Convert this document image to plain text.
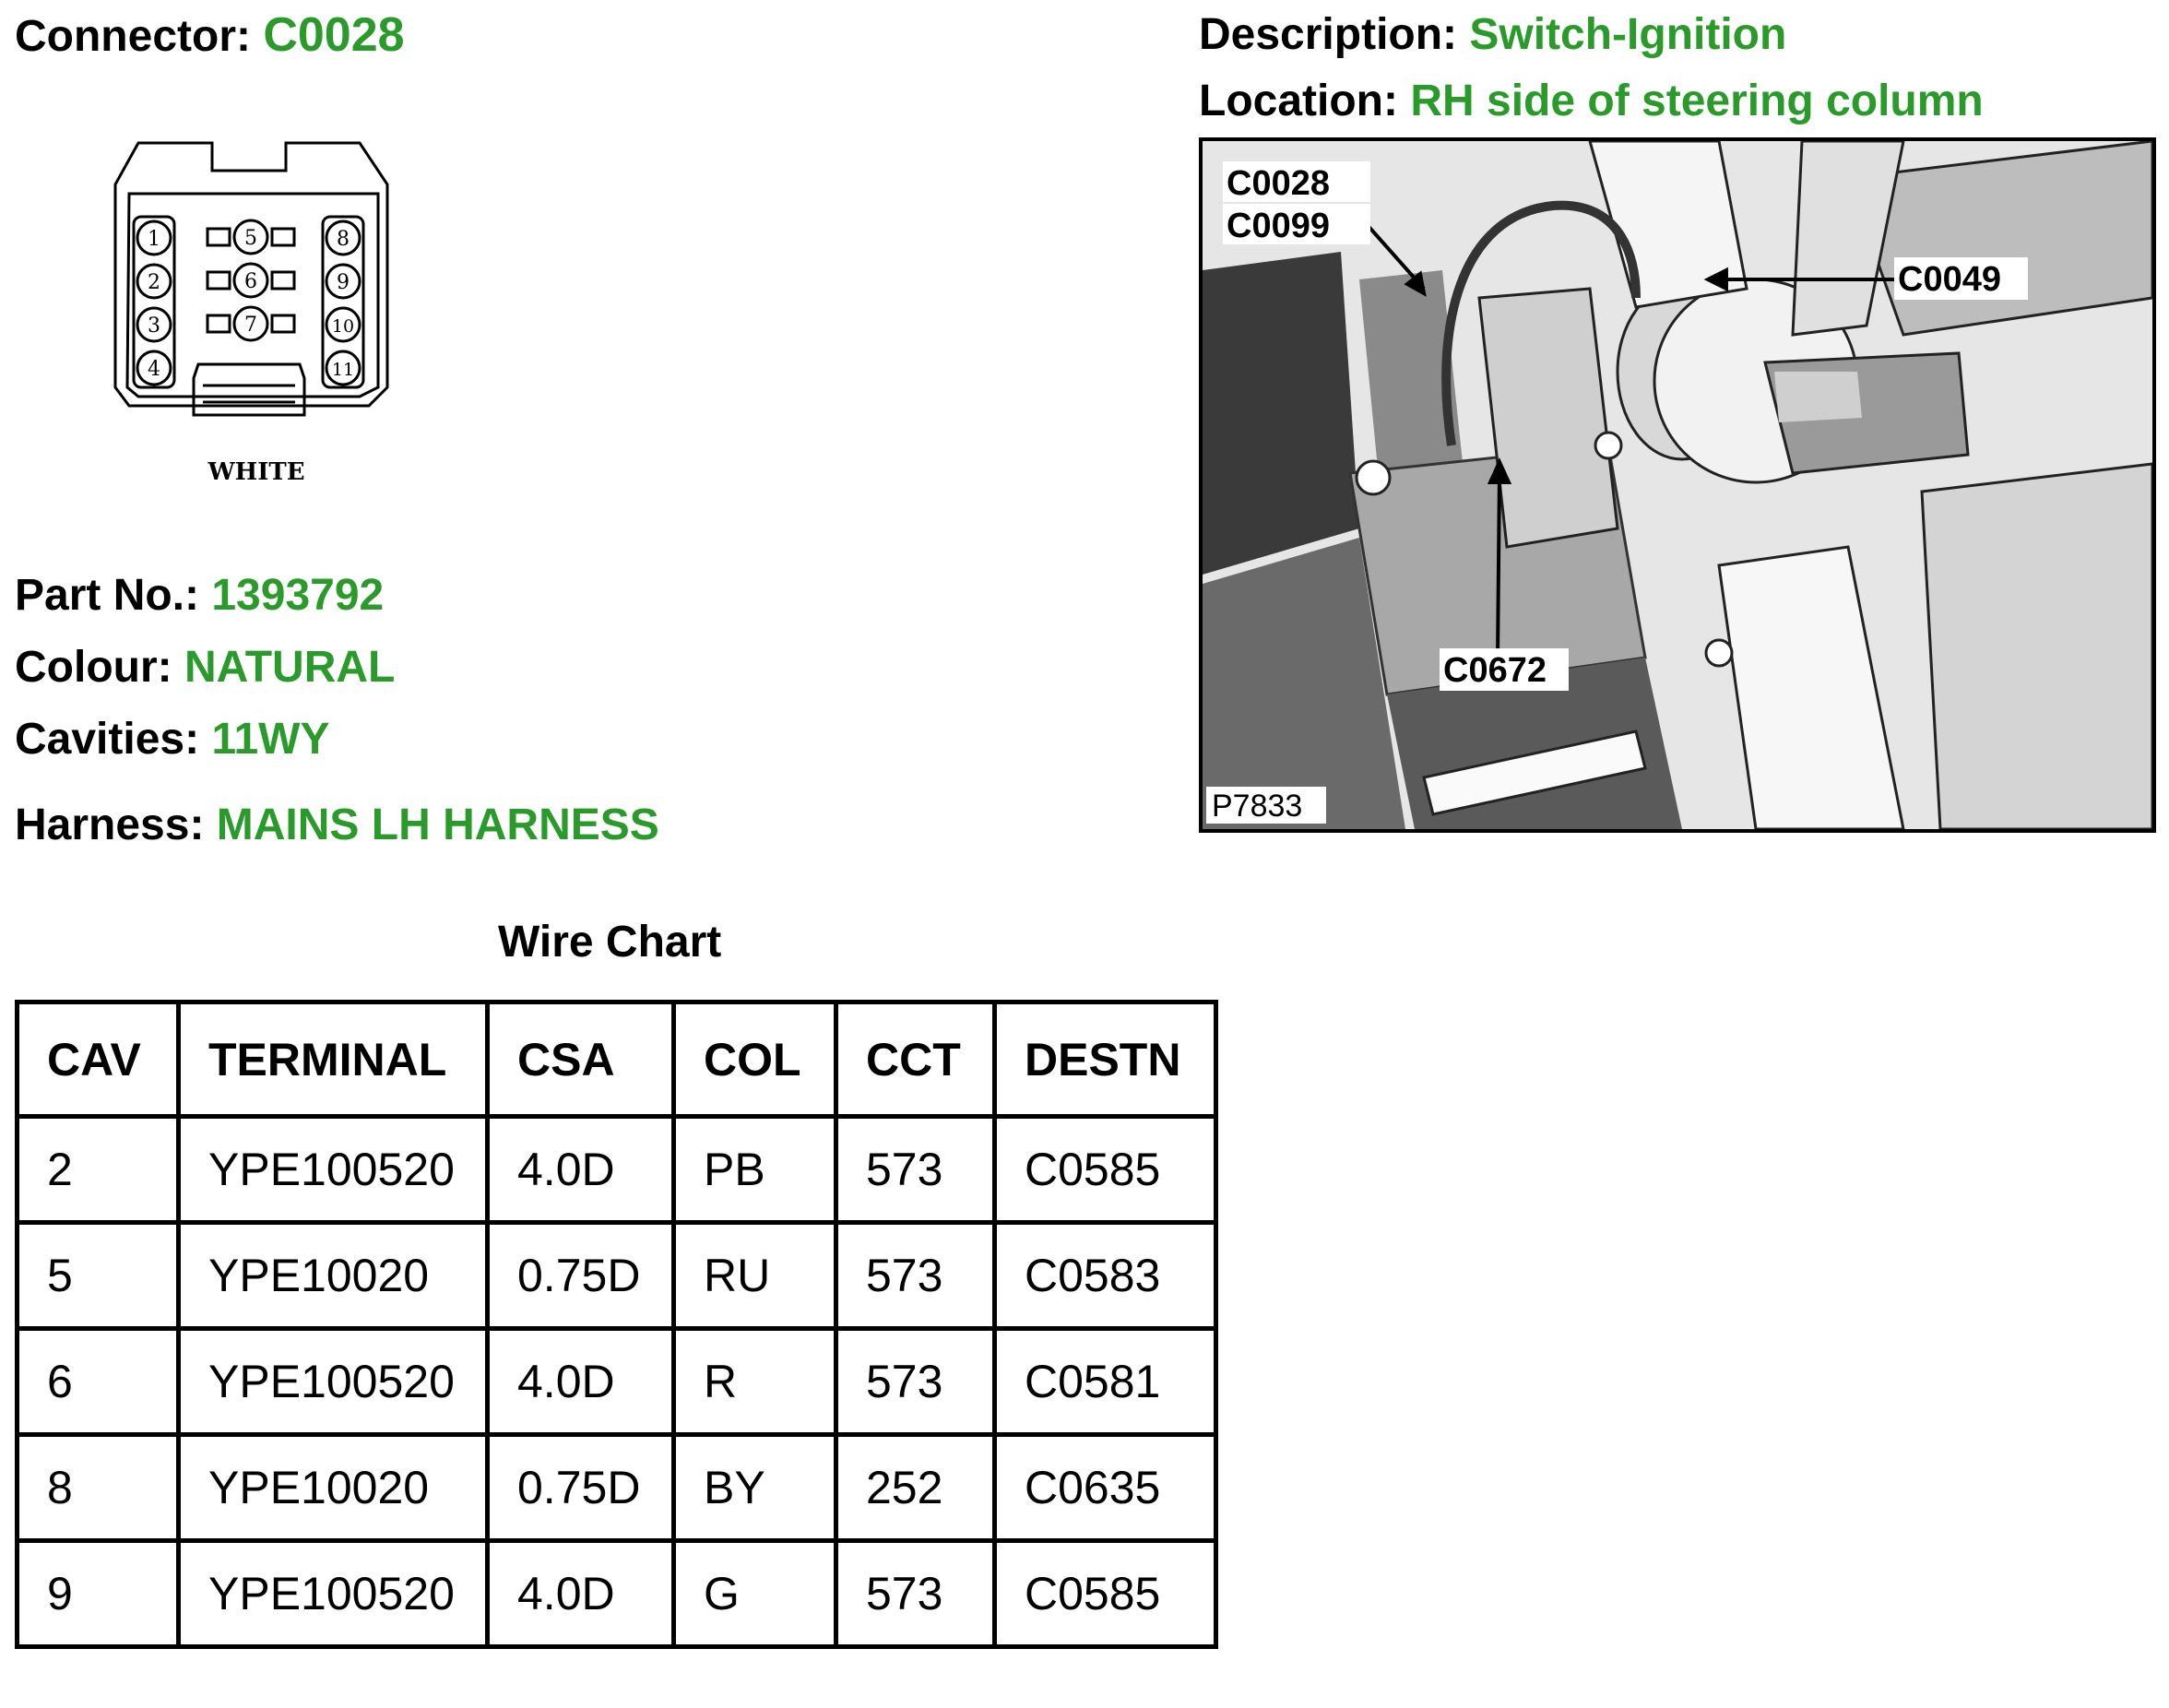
Connector: C0028	Description: Switch-Ignition
Location: RH side of steering column
1
2
3
4
5
6
7
8
9
10
11
WHITE
Part No.: 1393792
Colour: NATURAL
Cavities: 11WY
Harness: MAINS LH HARNESS
C0028
C0099
C0049
C0672
P7833
Wire Chart
CAV	TERMINAL	CSA	COL	CCT	DESTN
2	YPE100520	4.0D	PB	573	C0585
5	YPE10020	0.75D	RU	573	C0583
6	YPE100520	4.0D	R	573	C0581
8	YPE10020	0.75D	BY	252	C0635
9	YPE100520	4.0D	G	573	C0585
